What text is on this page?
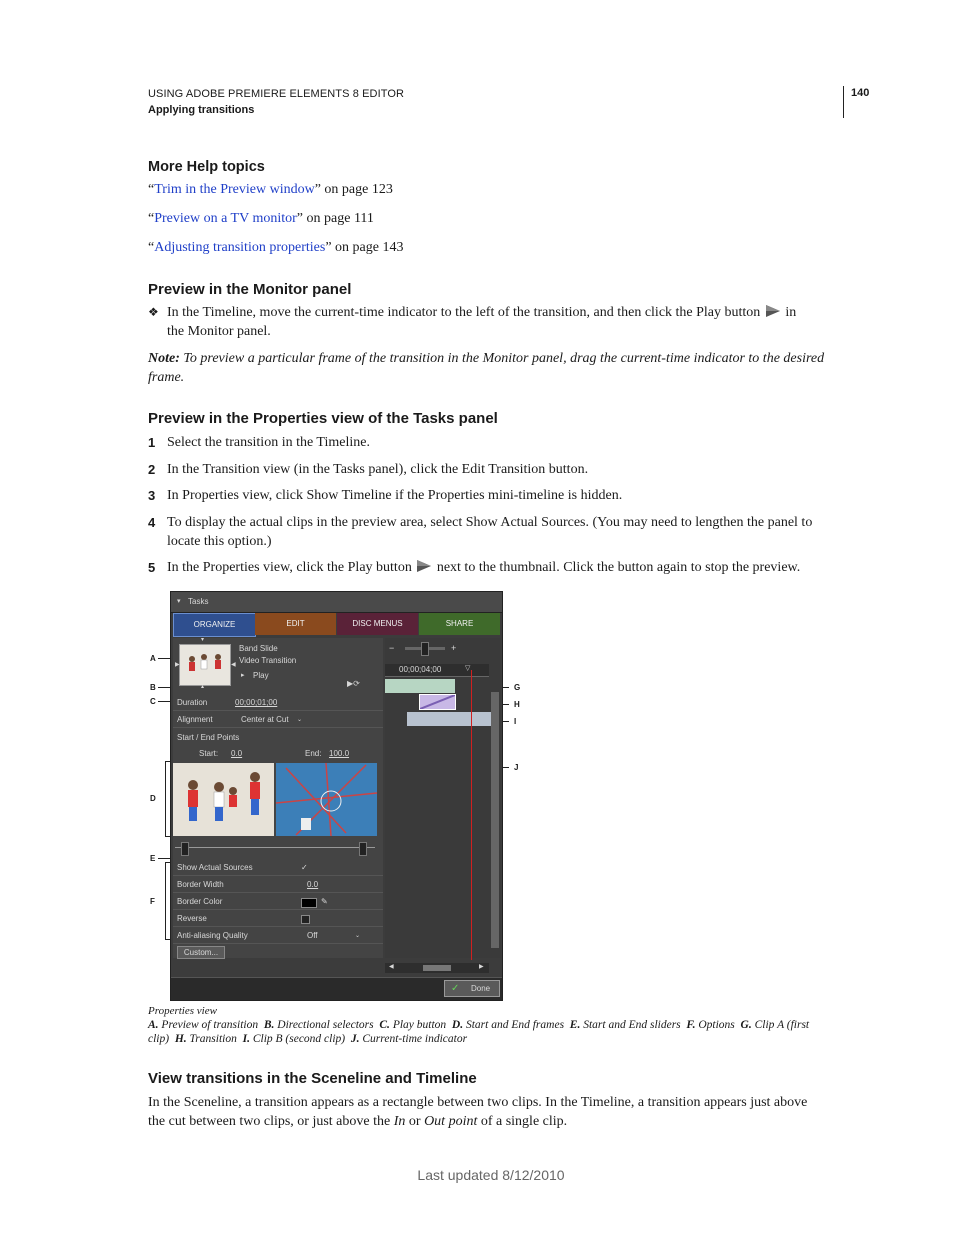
USING ADOBE PREMIERE ELEMENTS 8 EDITOR
Applying transitions
140
More Help topics
“Trim in the Preview window” on page 123
“Preview on a TV monitor” on page 111
“Adjusting transition properties” on page 143
Preview in the Monitor panel
❖ In the Timeline, move the current-time indicator to the left of the transition, and then click the Play button in
the Monitor panel.
Note: To preview a particular frame of the transition in the Monitor panel, drag the current-time indicator to the desired
frame.
Preview in the Properties view of the Tasks panel
1 Select the transition in the Timeline.
2 In the Transition view (in the Tasks panel), click the Edit Transition button.
3 In Properties view, click Show Timeline if the Properties mini-timeline is hidden.
4 To display the actual clips in the preview area, select Show Actual Sources. (You may need to lengthen the panel to
locate this option.)
5 In the Properties view, click the Play button next to the thumbnail. Click the button again to stop the preview.
A
B
C
D
E
F
G
H
I
J
▾ Tasks
ORGANIZE	EDIT	DISC MENUS	SHARE
▶	◀
▾
▴
Band Slide
Video Transition
▸ Play
▶⟳
Duration	00;00;01;00
Alignment	Center at Cut ⌄
Start / End Points
Start: 0.0	End: 100.0
Show Actual Sources	✓
Border Width	0.0
Border Color	✎
Reverse
Anti-aliasing Quality	Off	⌄
Custom...
−	+
00;00;04;00	▽
◀	▶
✓ Done
Properties view
A. Preview of transition B. Directional selectors C. Play button D. Start and End frames E. Start and End sliders F. Options G. Clip A (first
clip) H. Transition I. Clip B (second clip) J. Current-time indicator
View transitions in the Sceneline and Timeline
In the Sceneline, a transition appears as a rectangle between two clips. In the Timeline, a transition appears just above
the cut between two clips, or just above the In or Out point of a single clip.
Last updated 8/12/2010
